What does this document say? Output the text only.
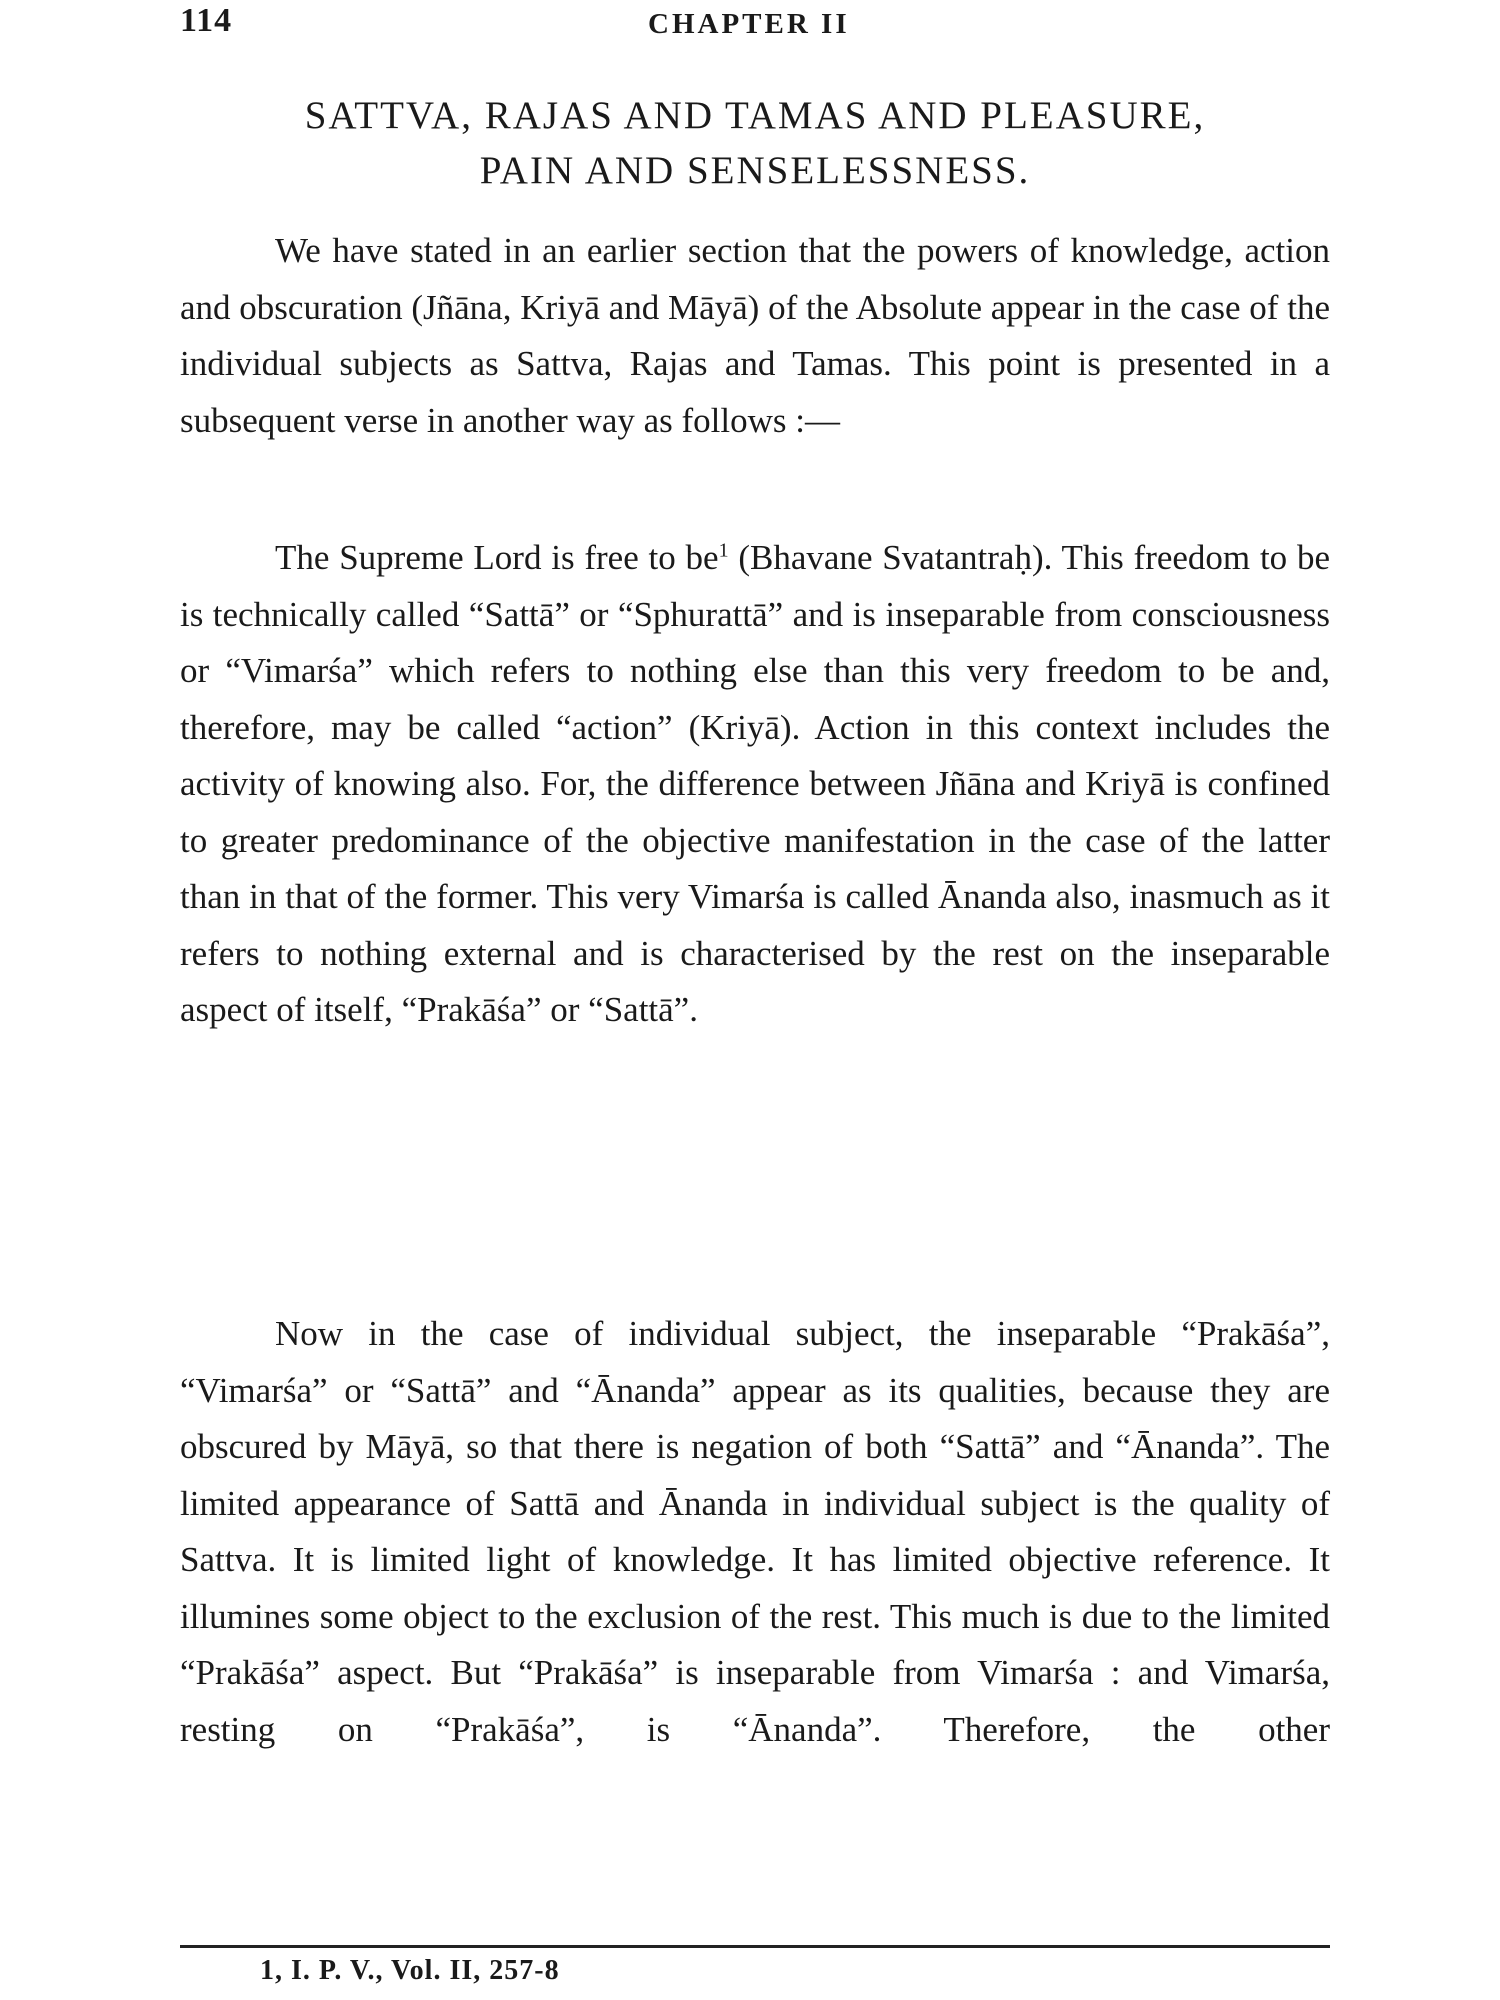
114	CHAPTER II
SATTVA, RAJAS AND TAMAS AND PLEASURE,
PAIN AND SENSELESSNESS.

We have stated in an earlier section that the powers of knowledge, action and obscuration (Jñāna, Kriyā and Māyā) of the Absolute appear in the case of the individual subjects as Sattva, Rajas and Tamas. This point is presented in a subsequent verse in another way as follows :—

The Supreme Lord is free to $be^1$ (Bhavane Svatantraḥ). This freedom to be is technically called “Sattā” or “Sphurattā” and is inseparable from consciousness or “Vimarśa” which refers to nothing else than this very freedom to be and, therefore, may be called “action” (Kriyā). Action in this context includes the activity of knowing also. For, the difference between Jñāna and Kriyā is confined to greater predominance of the objective manifestation in the case of the latter than in that of the former. This very Vimarśa is called Ānanda also, inasmuch as it refers to nothing external and is characterised by the rest on the inseparable aspect of itself, “Prakāśa” or “Sattā”.

Now in the case of individual subject, the inseparable “Prakāśa”, “Vimarśa” or “Sattā” and “Ānanda” appear as its qualities, because they are obscured by Māyā, so that there is negation of both “Sattā” and “Ānanda”. The limited appearance of Sattā and Ānanda in individual subject is the quality of Sattva. It is limited light of knowledge. It has limited objective reference. It illumines some object to the exclusion of the rest. This much is due to the limited “Prakāśa” aspect. But “Prakāśa” is inseparable from Vimarśa : and Vimarśa, resting on “Prakāśa”, is “Ānanda”. Therefore, the other

1, I. P. V., Vol. II, 257-8
